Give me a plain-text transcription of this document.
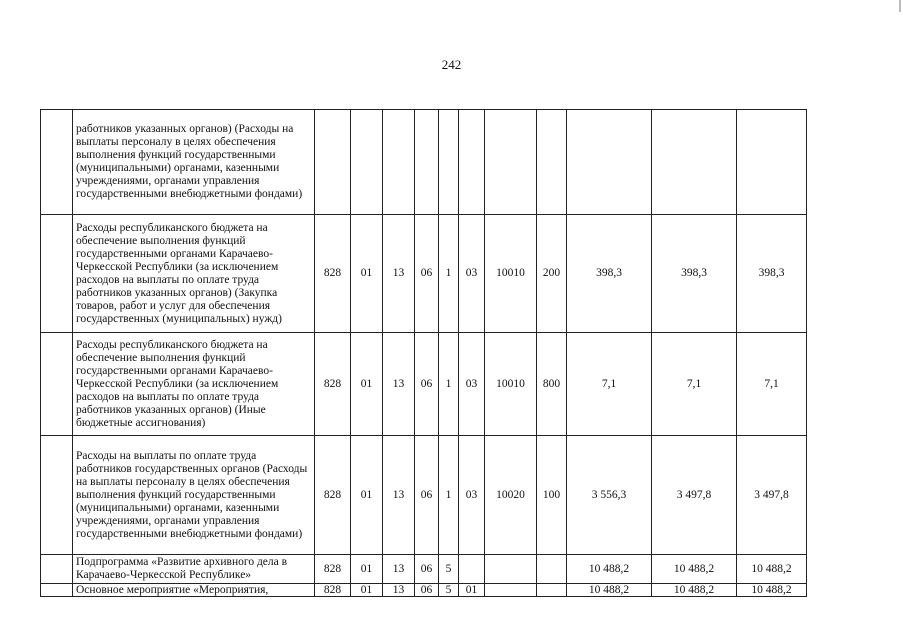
242
	работников указанных органов) (Расходы на выплаты персоналу в целях обеспечения выполнения функций государственными (муниципальными) органами, казенными учреждениями, органами управления государственными внебюджетными фондами)											
	Расходы республиканского бюджета на обеспечение выполнения функций государственными органами Карачаево-Черкесской Республики (за исключением расходов на выплаты по оплате труда работников указанных органов) (Закупка товаров, работ и услуг для обеспечения государственных (муниципальных) нужд)	828	01	13	06	1	03	10010	200	398,3	398,3	398,3
	Расходы республиканского бюджета на обеспечение выполнения функций государственными органами Карачаево-Черкесской Республики (за исключением расходов на выплаты по оплате труда работников указанных органов) (Иные бюджетные ассигнования)	828	01	13	06	1	03	10010	800	7,1	7,1	7,1
	Расходы на выплаты по оплате труда работников государственных органов (Расходы на выплаты персоналу в целях обеспечения выполнения функций государственными (муниципальными) органами, казенными учреждениями, органами управления государственными внебюджетными фондами)	828	01	13	06	1	03	10020	100	3 556,3	3 497,8	3 497,8
	Подпрограмма «Развитие архивного дела в Карачаево-Черкесской Республике»	828	01	13	06	5				10 488,2	10 488,2	10 488,2
	Основное мероприятие «Мероприятия,	828	01	13	06	5	01			10 488,2	10 488,2	10 488,2
